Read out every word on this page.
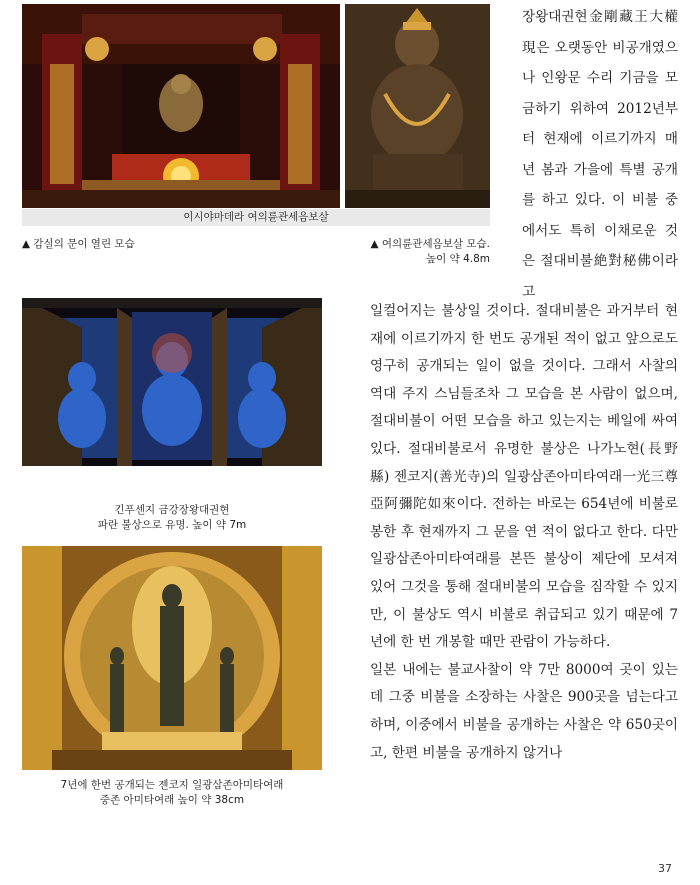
이시야마데라 여의륜관세음보살
▲ 감실의 문이 열린 모습	▲ 여의륜관세음보살 모습.
높이 약 4.8m
긴푸센지 금강장왕대권현
파란 불상으로 유명. 높이 약 7m
7년에 한번 공개되는 젠코지 일광삼존아미타여래
중존 아미타여래 높이 약 38cm

장왕대권현金剛藏王大權現은 오랫동안 비공개였으나 인왕문 수리 기금을 모금하기 위하여 2012년부터 현재에 이르기까지 매년 봄과 가을에 특별 공개를 하고 있다. 이 비불 중에서도 특히 이채로운 것은 절대비불絶對秘佛이라고

일컬어지는 불상일 것이다. 절대비불은 과거부터 현재에 이르기까지 한 번도 공개된 적이 없고 앞으로도 영구히 공개되는 일이 없을 것이다. 그래서 사찰의 역대 주지 스님들조차 그 모습을 본 사람이 없으며, 절대비불이 어떤 모습을 하고 있는지는 베일에 싸여 있다. 절대비불로서 유명한 불상은 나가노현(長野縣) 젠코지(善光寺)의 일광삼존아미타여래一光三尊亞阿彌陀如來이다. 전하는 바로는 654년에 비불로 봉한 후 현재까지 그 문을 연 적이 없다고 한다. 다만 일광삼존아미타여래를 본뜬 불상이 제단에 모셔져 있어 그것을 통해 절대비불의 모습을 짐작할 수 있지만, 이 불상도 역시 비불로 취급되고 있기 때문에 7년에 한 번 개봉할 때만 관람이 가능하다.

일본 내에는 불교사찰이 약 7만 8000여 곳이 있는데 그중 비불을 소장하는 사찰은 900곳을 넘는다고 하며, 이중에서 비불을 공개하는 사찰은 약 650곳이고, 한편 비불을 공개하지 않거나

37
